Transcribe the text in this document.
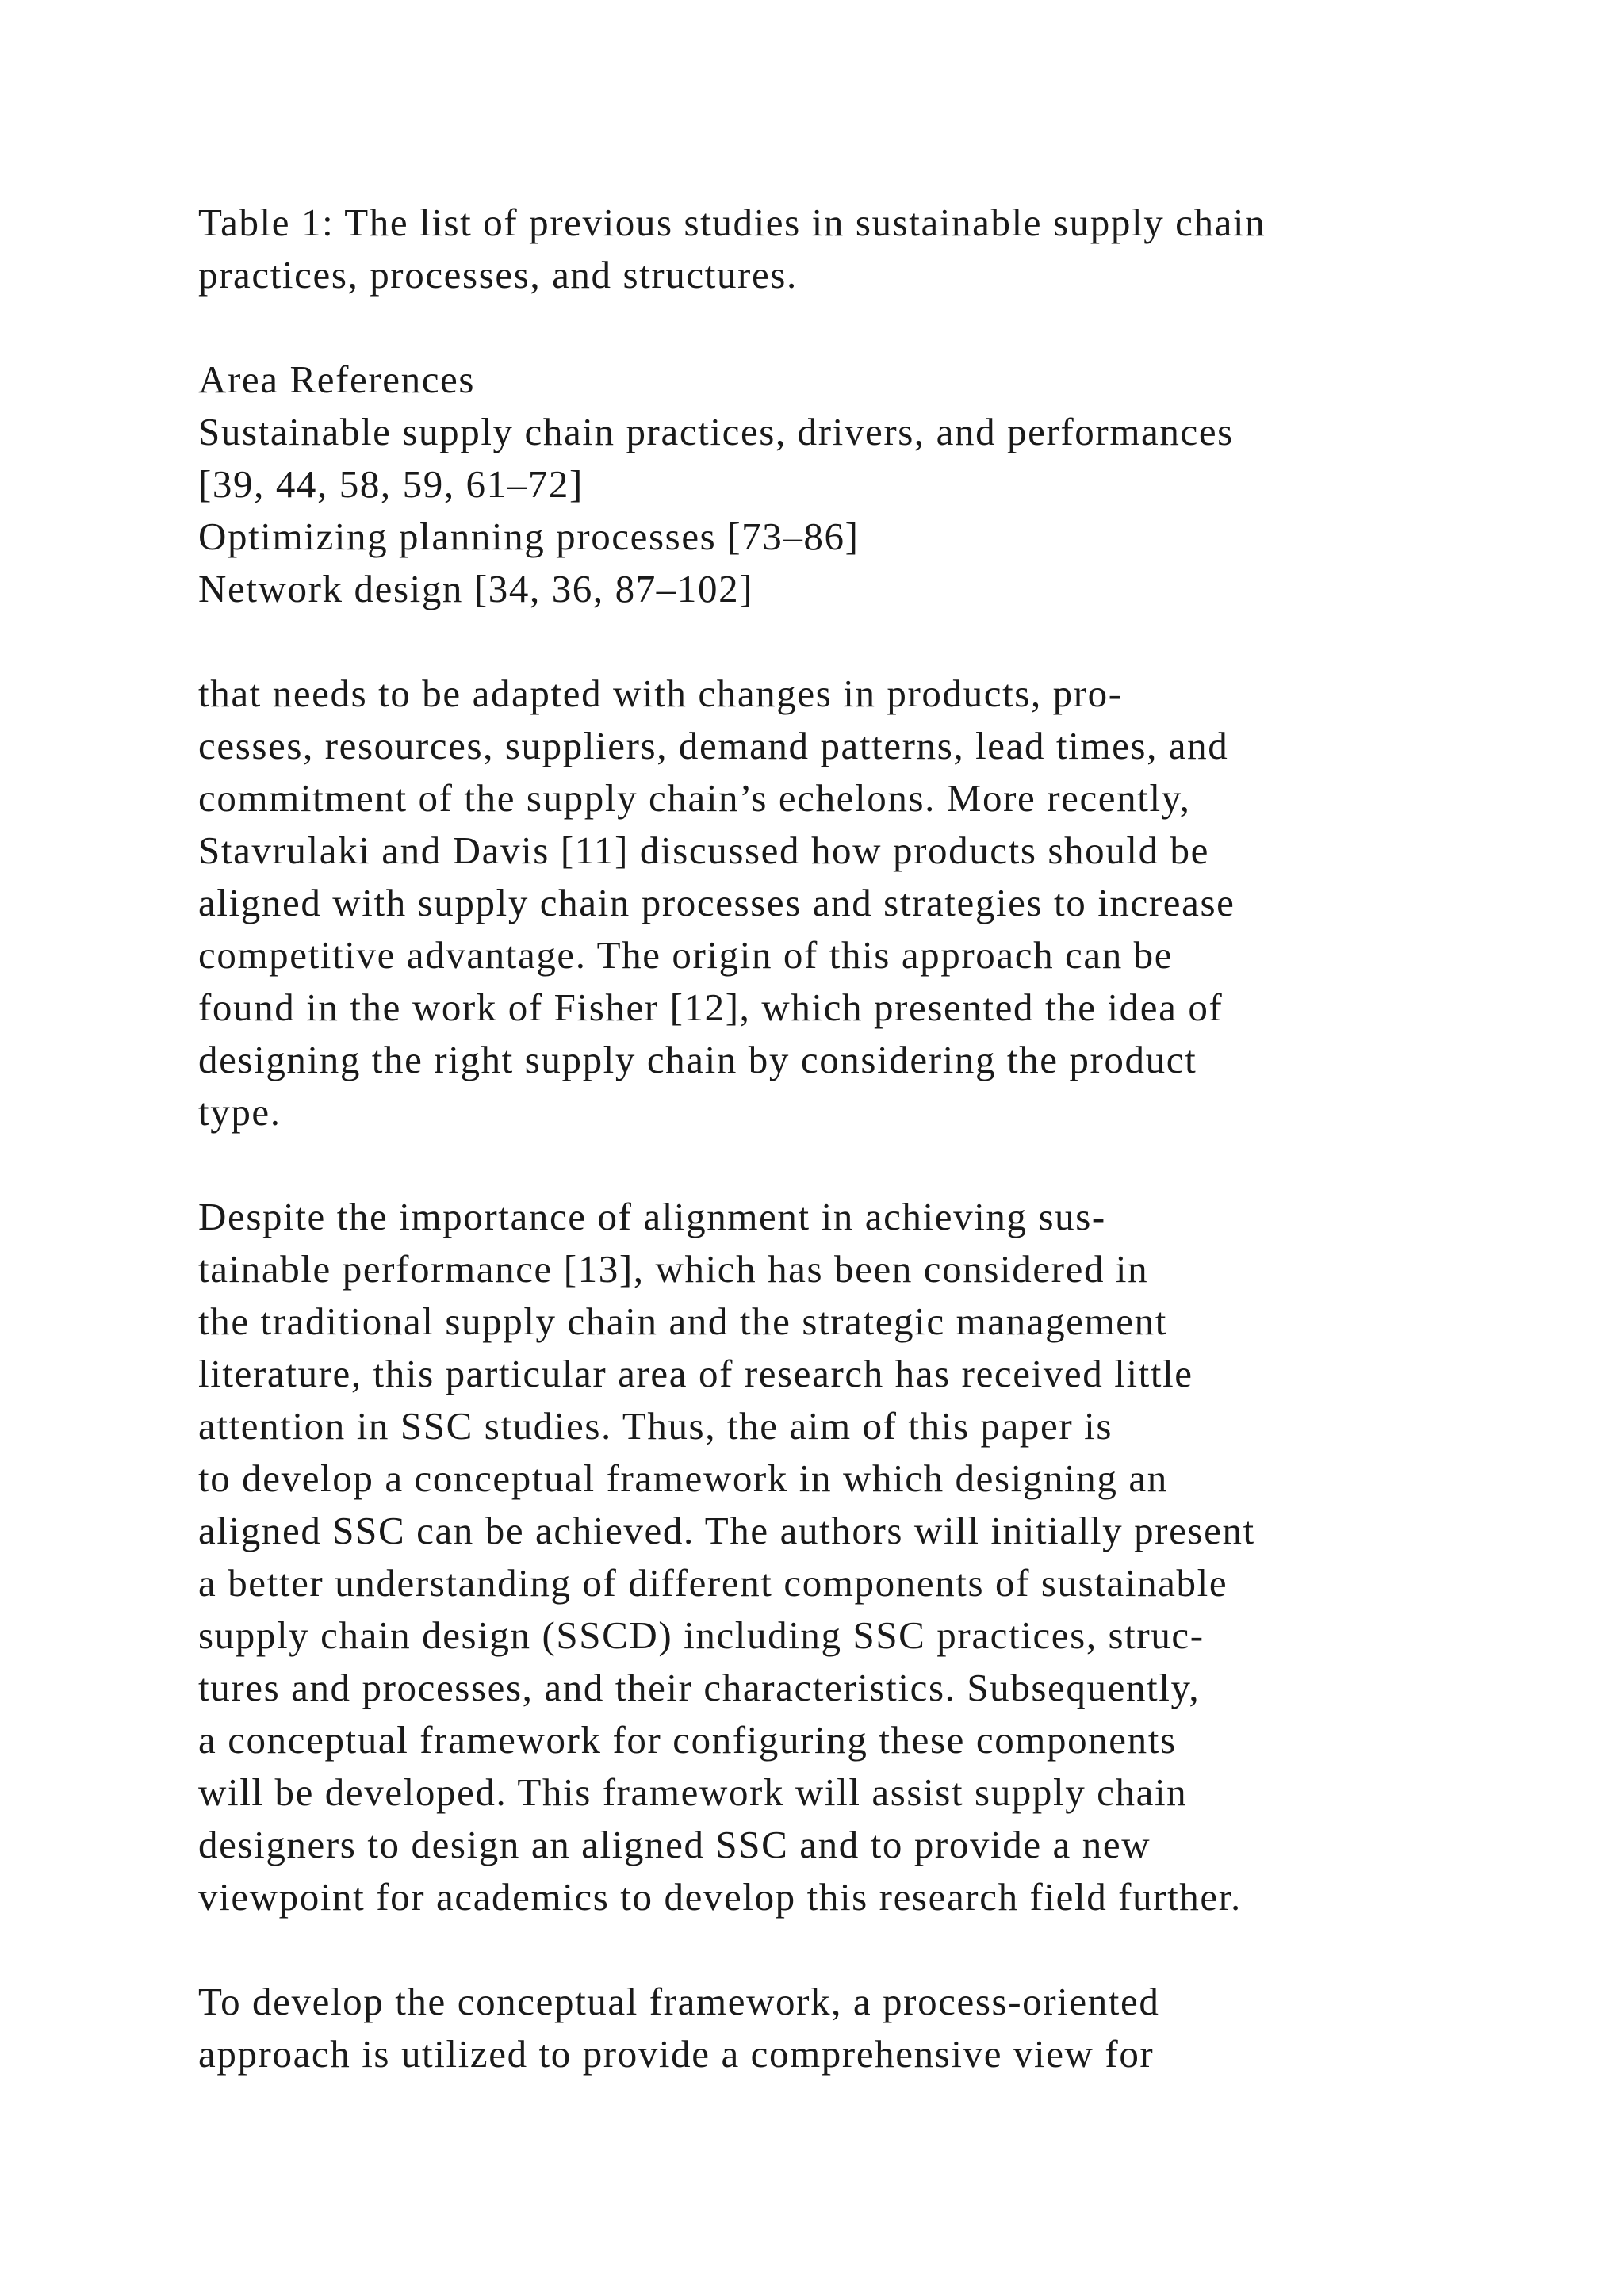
Table 1: The list of previous studies in sustainable supply chain
practices, processes, and structures.
Area References
Sustainable supply chain practices, drivers, and performances
[39, 44, 58, 59, 61–72]
Optimizing planning processes [73–86]
Network design [34, 36, 87–102]
that needs to be adapted with changes in products, pro-
cesses, resources, suppliers, demand patterns, lead times, and
commitment of the supply chain’s echelons. More recently,
Stavrulaki and Davis [11] discussed how products should be
aligned with supply chain processes and strategies to increase
competitive advantage. The origin of this approach can be
found in the work of Fisher [12], which presented the idea of
designing the right supply chain by considering the product
type.
Despite the importance of alignment in achieving sus-
tainable performance [13], which has been considered in
the traditional supply chain and the strategic management
literature, this particular area of research has received little
attention in SSC studies. Thus, the aim of this paper is
to develop a conceptual framework in which designing an
aligned SSC can be achieved. The authors will initially present
a better understanding of different components of sustainable
supply chain design (SSCD) including SSC practices, struc-
tures and processes, and their characteristics. Subsequently,
a conceptual framework for configuring these components
will be developed. This framework will assist supply chain
designers to design an aligned SSC and to provide a new
viewpoint for academics to develop this research field further.
To develop the conceptual framework, a process-oriented
approach is utilized to provide a comprehensive view for
